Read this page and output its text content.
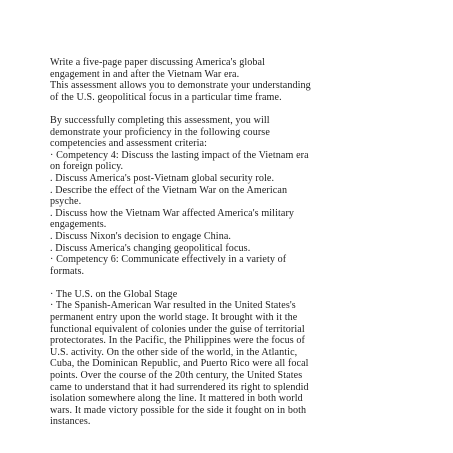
Write a five-page paper discussing America's global
engagement in and after the Vietnam War era.
This assessment allows you to demonstrate your understanding
of the U.S. geopolitical focus in a particular time frame.
By successfully completing this assessment, you will
demonstrate your proficiency in the following course
competencies and assessment criteria:
· Competency 4: Discuss the lasting impact of the Vietnam era
on foreign policy.
. Discuss America's post-Vietnam global security role.
. Describe the effect of the Vietnam War on the American
psyche.
. Discuss how the Vietnam War affected America's military
engagements.
. Discuss Nixon's decision to engage China.
. Discuss America's changing geopolitical focus.
· Competency 6: Communicate effectively in a variety of
formats.
· The U.S. on the Global Stage
· The Spanish-American War resulted in the United States's
permanent entry upon the world stage. It brought with it the
functional equivalent of colonies under the guise of territorial
protectorates. In the Pacific, the Philippines were the focus of
U.S. activity. On the other side of the world, in the Atlantic,
Cuba, the Dominican Republic, and Puerto Rico were all focal
points. Over the course of the 20th century, the United States
came to understand that it had surrendered its right to splendid
isolation somewhere along the line. It mattered in both world
wars. It made victory possible for the side it fought on in both
instances.
